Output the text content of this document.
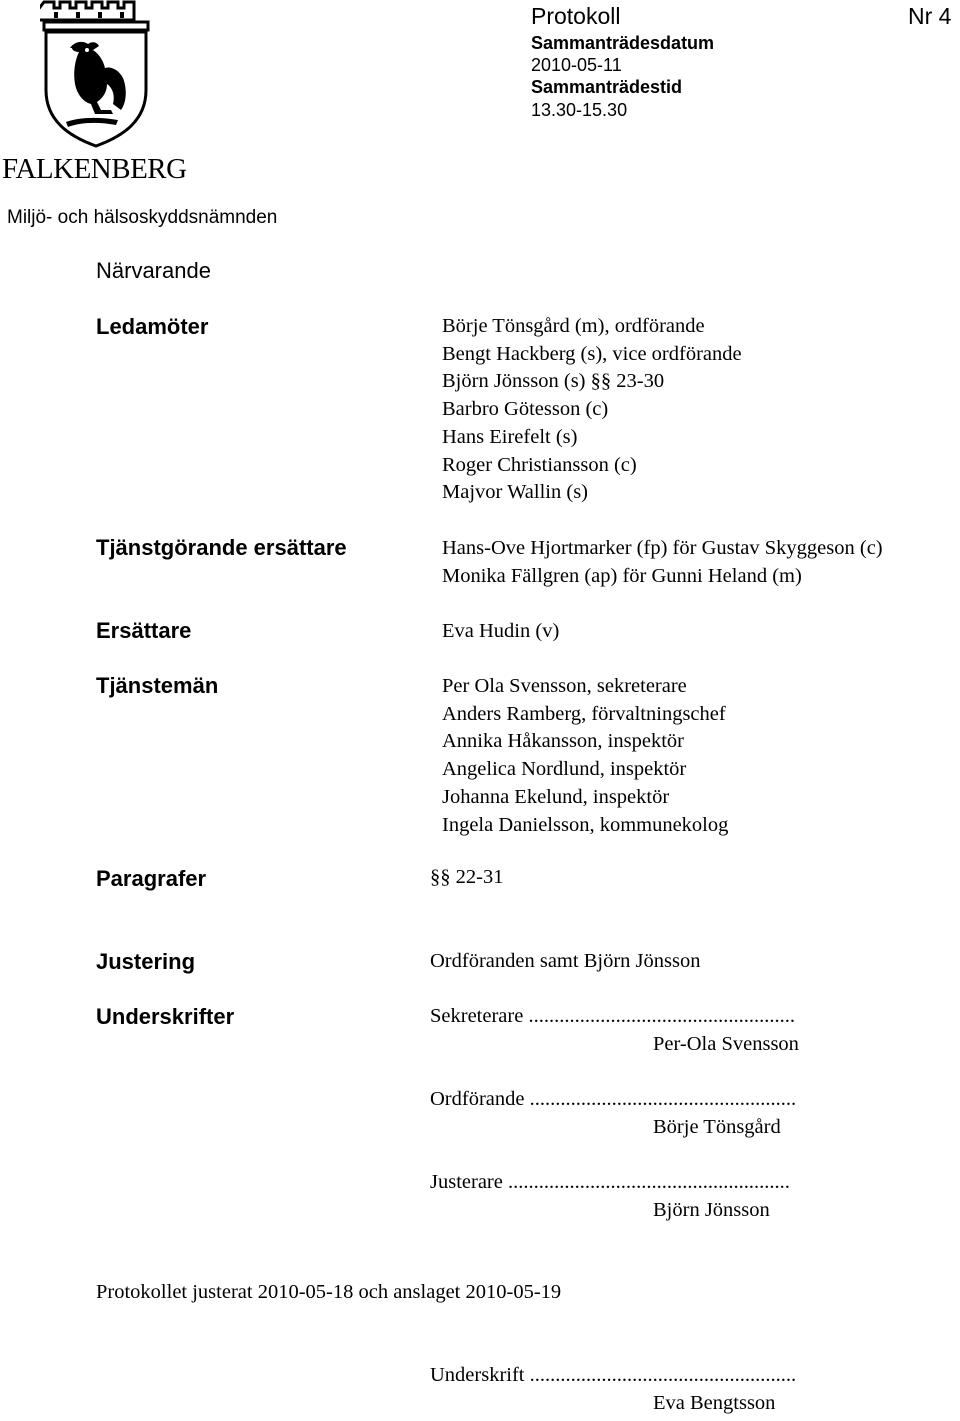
FALKENBERG
Miljö- och hälsoskyddsnämnden
Protokoll	Nr 4
Sammanträdesdatum
2010-05-11
Sammanträdestid
13.30-15.30
Närvarande
Ledamöter	Börje Tönsgård (m), ordförande
Bengt Hackberg (s), vice ordförande
Björn Jönsson (s) §§ 23-30
Barbro Götesson (c)
Hans Eirefelt (s)
Roger Christiansson (c)
Majvor Wallin (s)
Tjänstgörande ersättare	Hans-Ove Hjortmarker (fp) för Gustav Skyggeson (c)
Monika Fällgren (ap) för Gunni Heland (m)
Ersättare	Eva Hudin (v)
Tjänstemän	Per Ola Svensson, sekreterare
Anders Ramberg, förvaltningschef
Annika Håkansson, inspektör
Angelica Nordlund, inspektör
Johanna Ekelund, inspektör
Ingela Danielsson, kommunekolog
Paragrafer	§§ 22-31
Justering	Ordföranden samt Björn Jönsson
Underskrifter	Sekreterare ....................................................
Per-Ola Svensson
Ordförande ....................................................
Börje Tönsgård
Justerare .......................................................
Björn Jönsson
Protokollet justerat 2010-05-18 och anslaget 2010-05-19
Underskrift ....................................................
Eva Bengtsson
